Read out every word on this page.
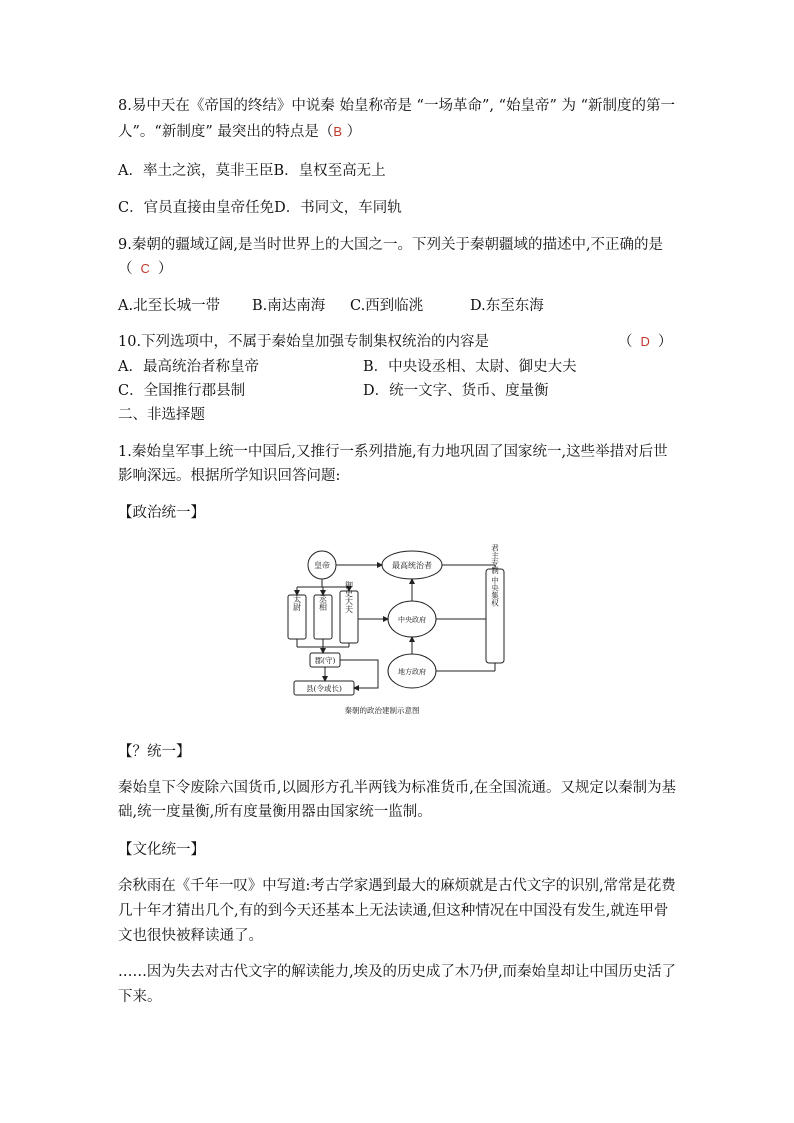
8.易中天在《帝国的终结》中说秦 始皇称帝是 “一场革命”, “始皇帝” 为 “新制度的第一
人”。“新制度” 最突出的特点是（B ）
A．率土之滨，莫非王臣B．皇权至高无上
C．官员直接由皇帝任免D．书同文，车同轨
9.秦朝的疆域辽阔,是当时世界上的大国之一。下列关于秦朝疆域的描述中,不正确的是
（ C ）
A.北至长城一带 B.南达南海 C.西到临洮	D.东至东海
10.下列选项中，不属于秦始皇加强专制集权统治的内容是	（ D ）
A．最高统治者称皇帝	B．中央设丞相、太尉、御史大夫
C．全国推行郡县制	D．统一文字、货币、度量衡
二、非选择题
1.秦始皇军事上统一中国后,又推行一系列措施,有力地巩固了国家统一,这些举措对后世
影响深远。根据所学知识回答问题:
【政治统一】
皇帝	最高统治者
中央政府
地方政府
太尉 丞相 御史大夫
郡(守)
县(令或长)
君主专制 中央集权
秦朝的政治建制示意图
【？统一】
秦始皇下令废除六国货币,以圆形方孔半两钱为标准货币,在全国流通。又规定以秦制为基
础,统一度量衡,所有度量衡用器由国家统一监制。
【文化统一】
余秋雨在《千年一叹》中写道:考古学家遇到最大的麻烦就是古代文字的识别,常常是花费
几十年才猜出几个,有的到今天还基本上无法读通,但这种情况在中国没有发生,就连甲骨
文也很快被释读通了。
……因为失去对古代文字的解读能力,埃及的历史成了木乃伊,而秦始皇却让中国历史活了
下来。
